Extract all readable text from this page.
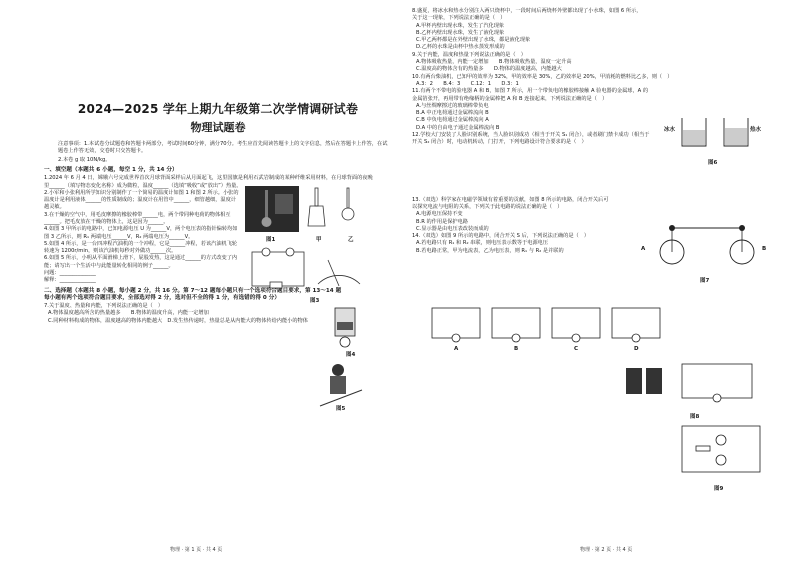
2024—2025 学年上期九年级第二次学情调研试卷
物理试题卷
注意事项：1.本试卷分试题卷和答题卡两部分，考试时间60分钟，满分70分。考生应首先阅读答题卡上的文字信息，然后在答题卡上作答，在试题卷上作答无效，交卷时只交答题卡。
2.本卷 g 取 10N/kg。
一、填空题（本题共 6 小题，每空 1 分，共 14 分）

1.2024 年 6 月 4 日，嫦娥六号完成世界首次月球背面采样后从月面起飞，这里国旗是利用石武岩制成的某种纤维采用材料，在月球背面的夜晚里______（填写物态变化名称）成为微粒，温度______（选填“吸收”或“放出”）热量。

2.小军和小张利用所学知识分别制作了一个简易的温度计如图 1 和图 2 所示。小张的温度计是利用液体______的性质制成的；温度计在用管中______，细管越细，温度计越灵敏。

3.在干燥的空气中，用毛皮摩擦的橡胶棒带______电，两个带同种电荷的物体相互______。把毛皮放在干燥的物体上，这是因为______。

4.如图 3 甲所示的电路中，已知电源电压 U 为______V，两个电压表的指针偏转均如图 3 乙所示，则 R₁ 两端电压______V，R₂ 两端电压为______V。

5.如图 4 所示，是一台四冲程汽油机的一个冲程，它是______冲程，若该汽油机飞轮转速为 1200r/min，则该汽油机每秒对外做功______次。

6.如图 5 所示，小明从平面滑梯上滑下，屁股发热，这是通过______的方式改变了内能；请写出一个生活中与此能量转化相同的例子______。

问题：______________

解释：______________

二、选择题（本题共 8 小题，每小题 2 分，共 16 分。第 7～12 题每小题只有一个选项符合题目要求，第 13～14 题每小题有两个选项符合题目要求，全部选对得 2 分，选对但不全的得 1 分，有选错的得 0 分）

7.关于温度、热量和内能，下列说法正确的是（　）

A.物体温度越高所含的热量越多　　B.物体的温度升高，内能一定增加

C.同种材料构成的物体，温度越高的物体内能越大　D.发生热传递时，热量总是从内能大的物体传给内能小的物体

物理 · 第 1 页 · 共 4 页
图1	甲	乙
图3
图4
图5

8.盛夏，将冰水和热水分别注入两只烧杯中，一段时间后两烧杯外壁都出现了小水珠，如图 6 所示，关于这一现象，下列说法正确的是（　）

A.甲杯内壁出现水珠，发生了汽化现象

B.乙杯内壁出现水珠，发生了液化现象

C.甲乙两杯都是在外壁出现了水珠，都是液化现象

D.乙杯的水珠是由杯中热水蒸发形成的

9.关于内能，温度和热量下列说法正确的是（　）

A.物体吸收热量，内能一定增加　　B.物体吸收热量，温度一定升高

C.温度高的物体含有的热量多　　D.物体的温度越高，内能越大

10.有两台柴油机，已知甲的效率为 32%，甲的效率是 30%，乙的效率是 20%，甲消耗的燃料比乙多，则（　）

A.3：2　　B.4：3　　C.12：1　　D.3：1

11.有两个不带电的验电器 A 和 B，如图 7 所示，用一个带负电的橡胶棒接触 A 验电器的金属球，A 的金属箔张开，再用带有绝缘柄的金属棒把 A 和 B 连接起来，下列说法正确的是（　）

A.与丝绸摩擦过的玻璃棒带负电

B.A 中正电荷通过金属棒流向 B

C.B 中负电荷通过金属棒流向 A

D.A 中的自由电子通过金属棒流向 B

12.学校大门安装了人脸识别系统，当人脸识别成功（相当于开关 S₁ 闭合），或者刷门禁卡成功（相当于开关 S₂ 闭合）时，电动机转动，门打开，下列电路设计符合要求的是（　）

13.（双选）科学家在电磁学领域有着重要的贡献，如图 8 所示的电路，闭合开关后可以探究电流与电阻的关系，下列关于此电路的说法正确的是（　）

A.电源电压保持不变

B.R 的作用是保护电路

C.显示器是由电压表改装而成的

14.（双选）如图 9 所示的电路中，闭合开关 S 后，下列说法正确的是（　）

A.若电路只有 R₁ 和 R₂ 串联，则电压表示数等于电源电压

B.若电路正常，甲为电流表，乙为电压表，则 R₁ 与 R₂ 是并联的

物理 · 第 2 页 · 共 4 页
冰水	热水
图6
A	B
图7
A	B	C	D
图8
图9
